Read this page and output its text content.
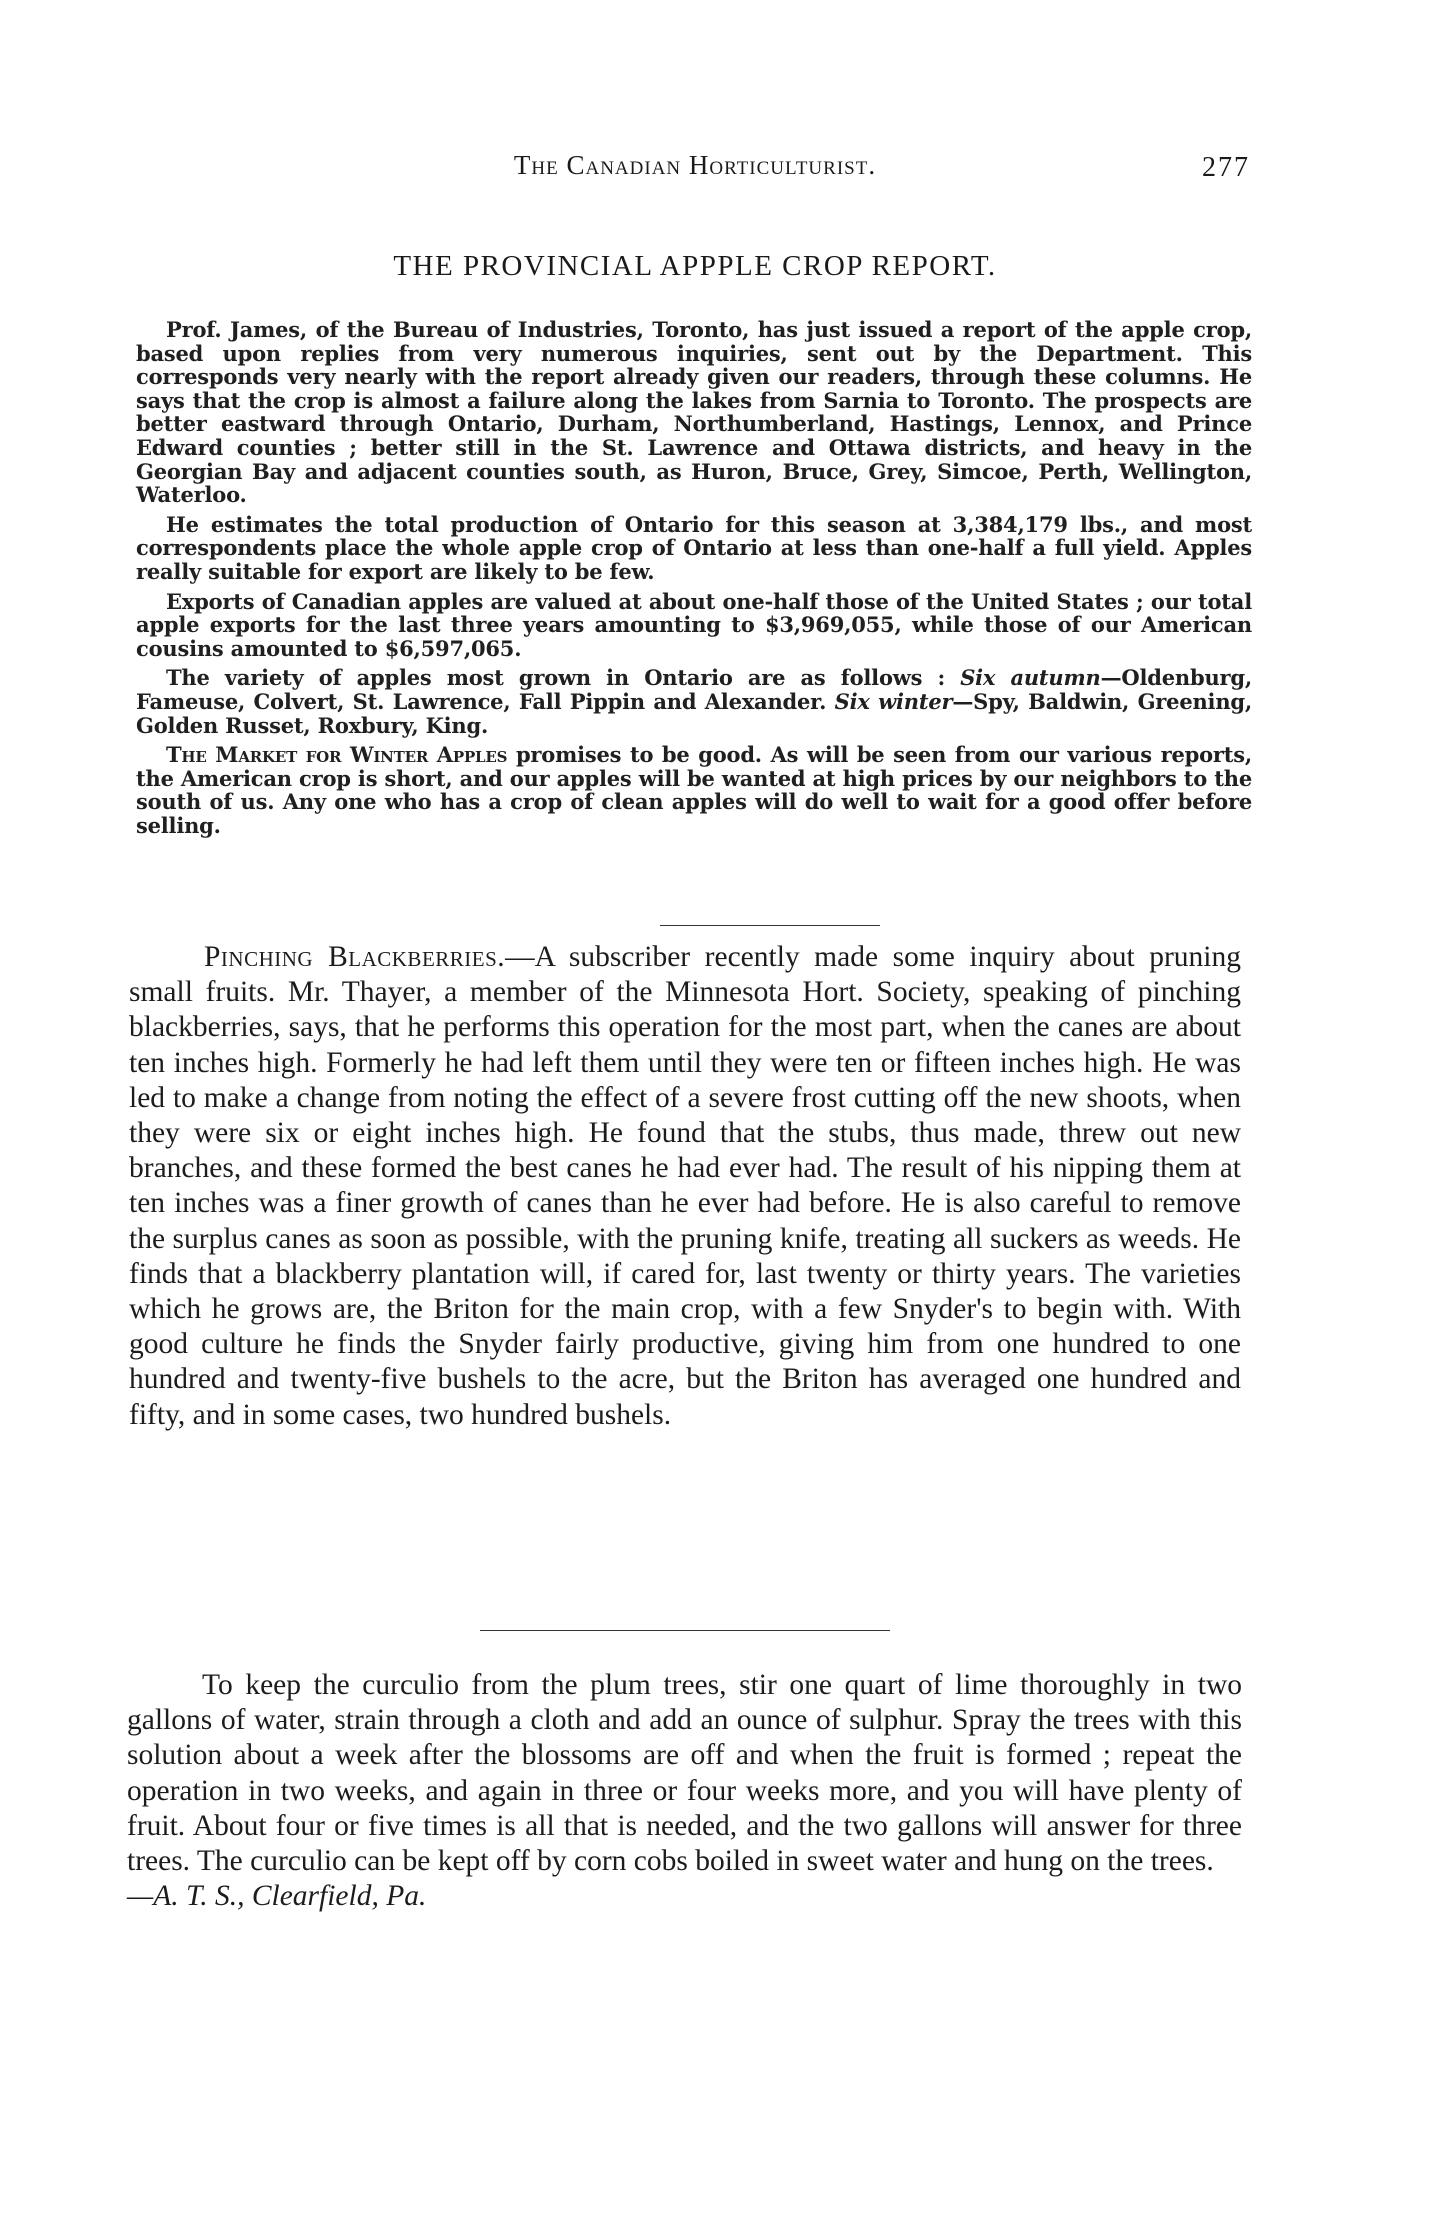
The Canadian Horticulturist.	277
THE PROVINCIAL APPPLE CROP REPORT.

Prof. James, of the Bureau of Industries, Toronto, has just issued a report of the apple crop, based upon replies from very numerous inquiries, sent out by the Department. This corresponds very nearly with the report already given our readers, through these columns. He says that the crop is almost a failure along the lakes from Sarnia to Toronto. The prospects are better eastward through Ontario, Durham, Northumberland, Hastings, Lennox, and Prince Edward counties ; better still in the St. Lawrence and Ottawa districts, and heavy in the Georgian Bay and adjacent counties south, as Huron, Bruce, Grey, Simcoe, Perth, Wellington, Waterloo.

He estimates the total production of Ontario for this season at 3,384,179 lbs., and most correspondents place the whole apple crop of Ontario at less than one-half a full yield. Apples really suitable for export are likely to be few.

Exports of Canadian apples are valued at about one-half those of the United States ; our total apple exports for the last three years amounting to $3,969,055, while those of our American cousins amounted to $6,597,065.

The variety of apples most grown in Ontario are as follows : Six autumn—Oldenburg, Fameuse, Colvert, St. Lawrence, Fall Pippin and Alexander. Six winter—Spy, Baldwin, Greening, Golden Russet, Roxbury, King.

The Market for Winter Apples promises to be good. As will be seen from our various reports, the American crop is short, and our apples will be wanted at high prices by our neighbors to the south of us. Any one who has a crop of clean apples will do well to wait for a good offer before selling.

Pinching Blackberries.—A subscriber recently made some inquiry about pruning small fruits. Mr. Thayer, a member of the Minnesota Hort. Society, speaking of pinching blackberries, says, that he performs this operation for the most part, when the canes are about ten inches high. Formerly he had left them until they were ten or fifteen inches high. He was led to make a change from noting the effect of a severe frost cutting off the new shoots, when they were six or eight inches high. He found that the stubs, thus made, threw out new branches, and these formed the best canes he had ever had. The result of his nipping them at ten inches was a finer growth of canes than he ever had before. He is also careful to remove the surplus canes as soon as possible, with the pruning knife, treating all suckers as weeds. He finds that a blackberry plantation will, if cared for, last twenty or thirty years. The varieties which he grows are, the Briton for the main crop, with a few Snyder's to begin with. With good culture he finds the Snyder fairly productive, giving him from one hundred to one hundred and twenty-five bushels to the acre, but the Briton has averaged one hundred and fifty, and in some cases, two hundred bushels.

To keep the curculio from the plum trees, stir one quart of lime thoroughly in two gallons of water, strain through a cloth and add an ounce of sulphur. Spray the trees with this solution about a week after the blossoms are off and when the fruit is formed ; repeat the operation in two weeks, and again in three or four weeks more, and you will have plenty of fruit. About four or five times is all that is needed, and the two gallons will answer for three trees. The curculio can be kept off by corn cobs boiled in sweet water and hung on the trees.
—A. T. S., Clearfield, Pa.
